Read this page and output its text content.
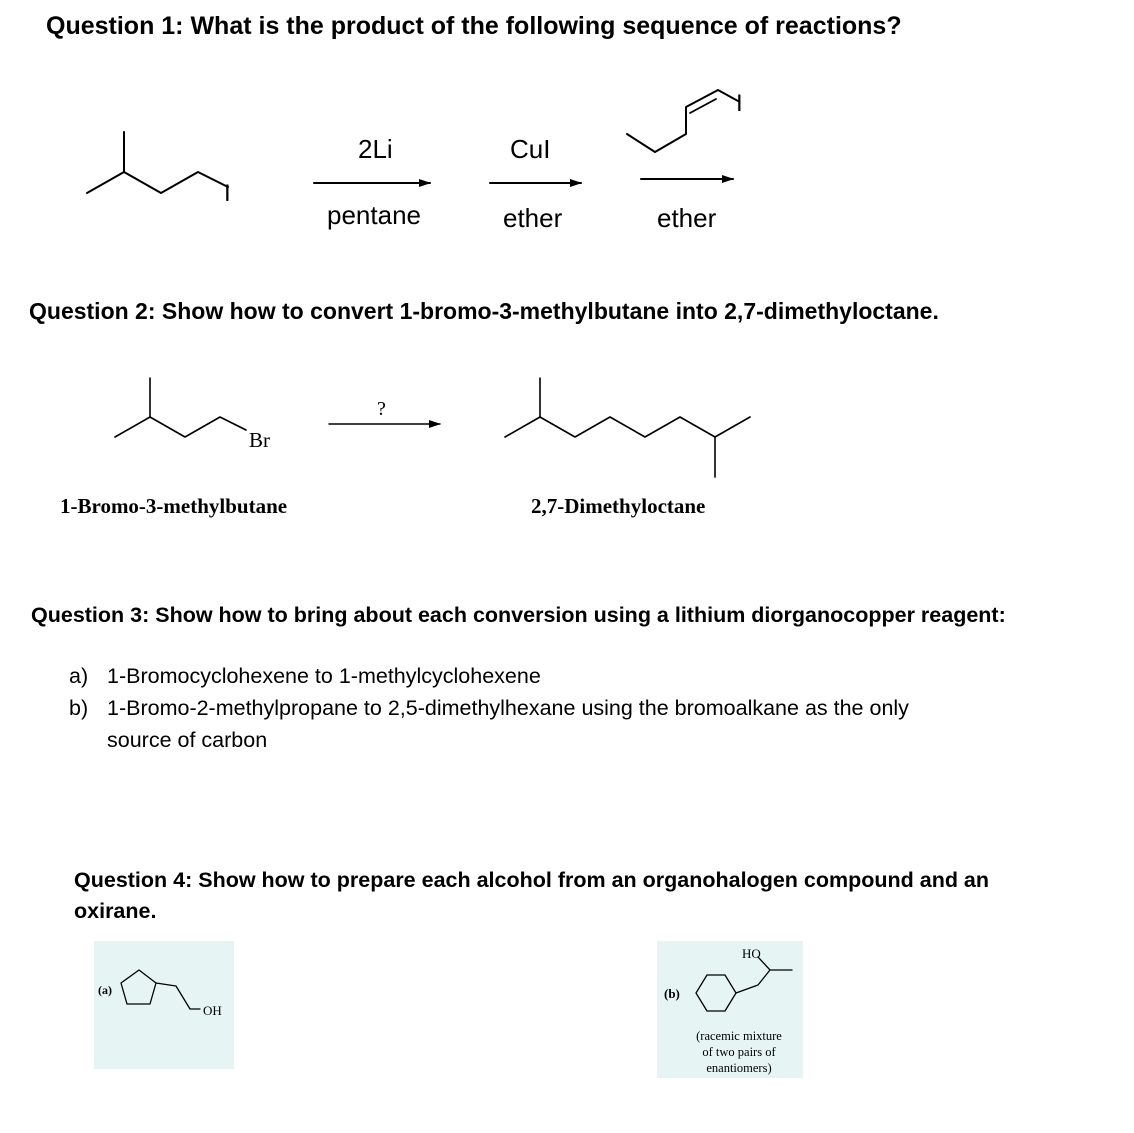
Question 1: What is the product of the following sequence of reactions?
Question 2: Show how to convert 1-bromo-3-methylbutane into 2,7-dimethyloctane.
Question 3: Show how to bring about each conversion using a lithium diorganocopper reagent:
Question 4: Show how to prepare each alcohol from an organohalogen compound and an oxirane.
a) 1-Bromocyclohexene to 1-methylcyclohexene
b) 1-Bromo-2-methylpropane to 2,5-dimethylhexane using the bromoalkane as the only
source of carbon
2Li
pentane
CuI
ether	ether
I
I
?
Br
1-Bromo-3-methylbutane	2,7-Dimethyloctane
(a)
OH
(b)
HO
(racemic mixture
of two pairs of
enantiomers)
